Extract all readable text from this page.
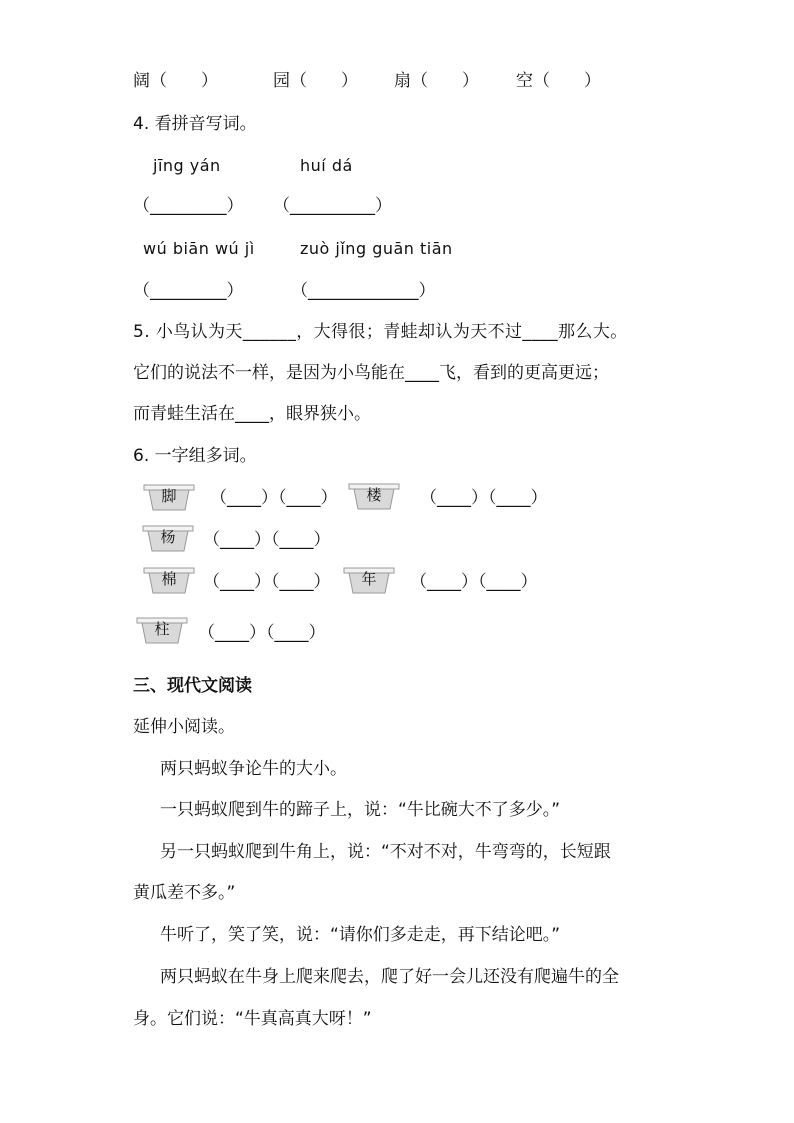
阔（　　）	园（　　） 扇（　　） 空（　　）
4. 看拼音写词。
jīng yán	huí dá
（_________） （__________）
wú biān wú jì	zuò jǐng guān tiān
（_________）	（_____________）
5. 小鸟认为天______，大得很；青蛙却认为天不过____那么大。
它们的说法不一样，是因为小鸟能在____飞，看到的更高更远；
而青蛙生活在____，眼界狭小。
6. 一字组多词。
脚	（____）（____）	楼	（____）（____）
杨	（____）（____）
棉	（____）（____）	年	（____）（____）
柱	（____）（____）
三、现代文阅读
延伸小阅读。
两只蚂蚁争论牛的大小。
一只蚂蚁爬到牛的蹄子上，说：“牛比碗大不了多少。”
另一只蚂蚁爬到牛角上，说：“不对不对，牛弯弯的，长短跟
黄瓜差不多。”
牛听了，笑了笑，说：“请你们多走走，再下结论吧。”
两只蚂蚁在牛身上爬来爬去，爬了好一会儿还没有爬遍牛的全
身。它们说：“牛真高真大呀！”
